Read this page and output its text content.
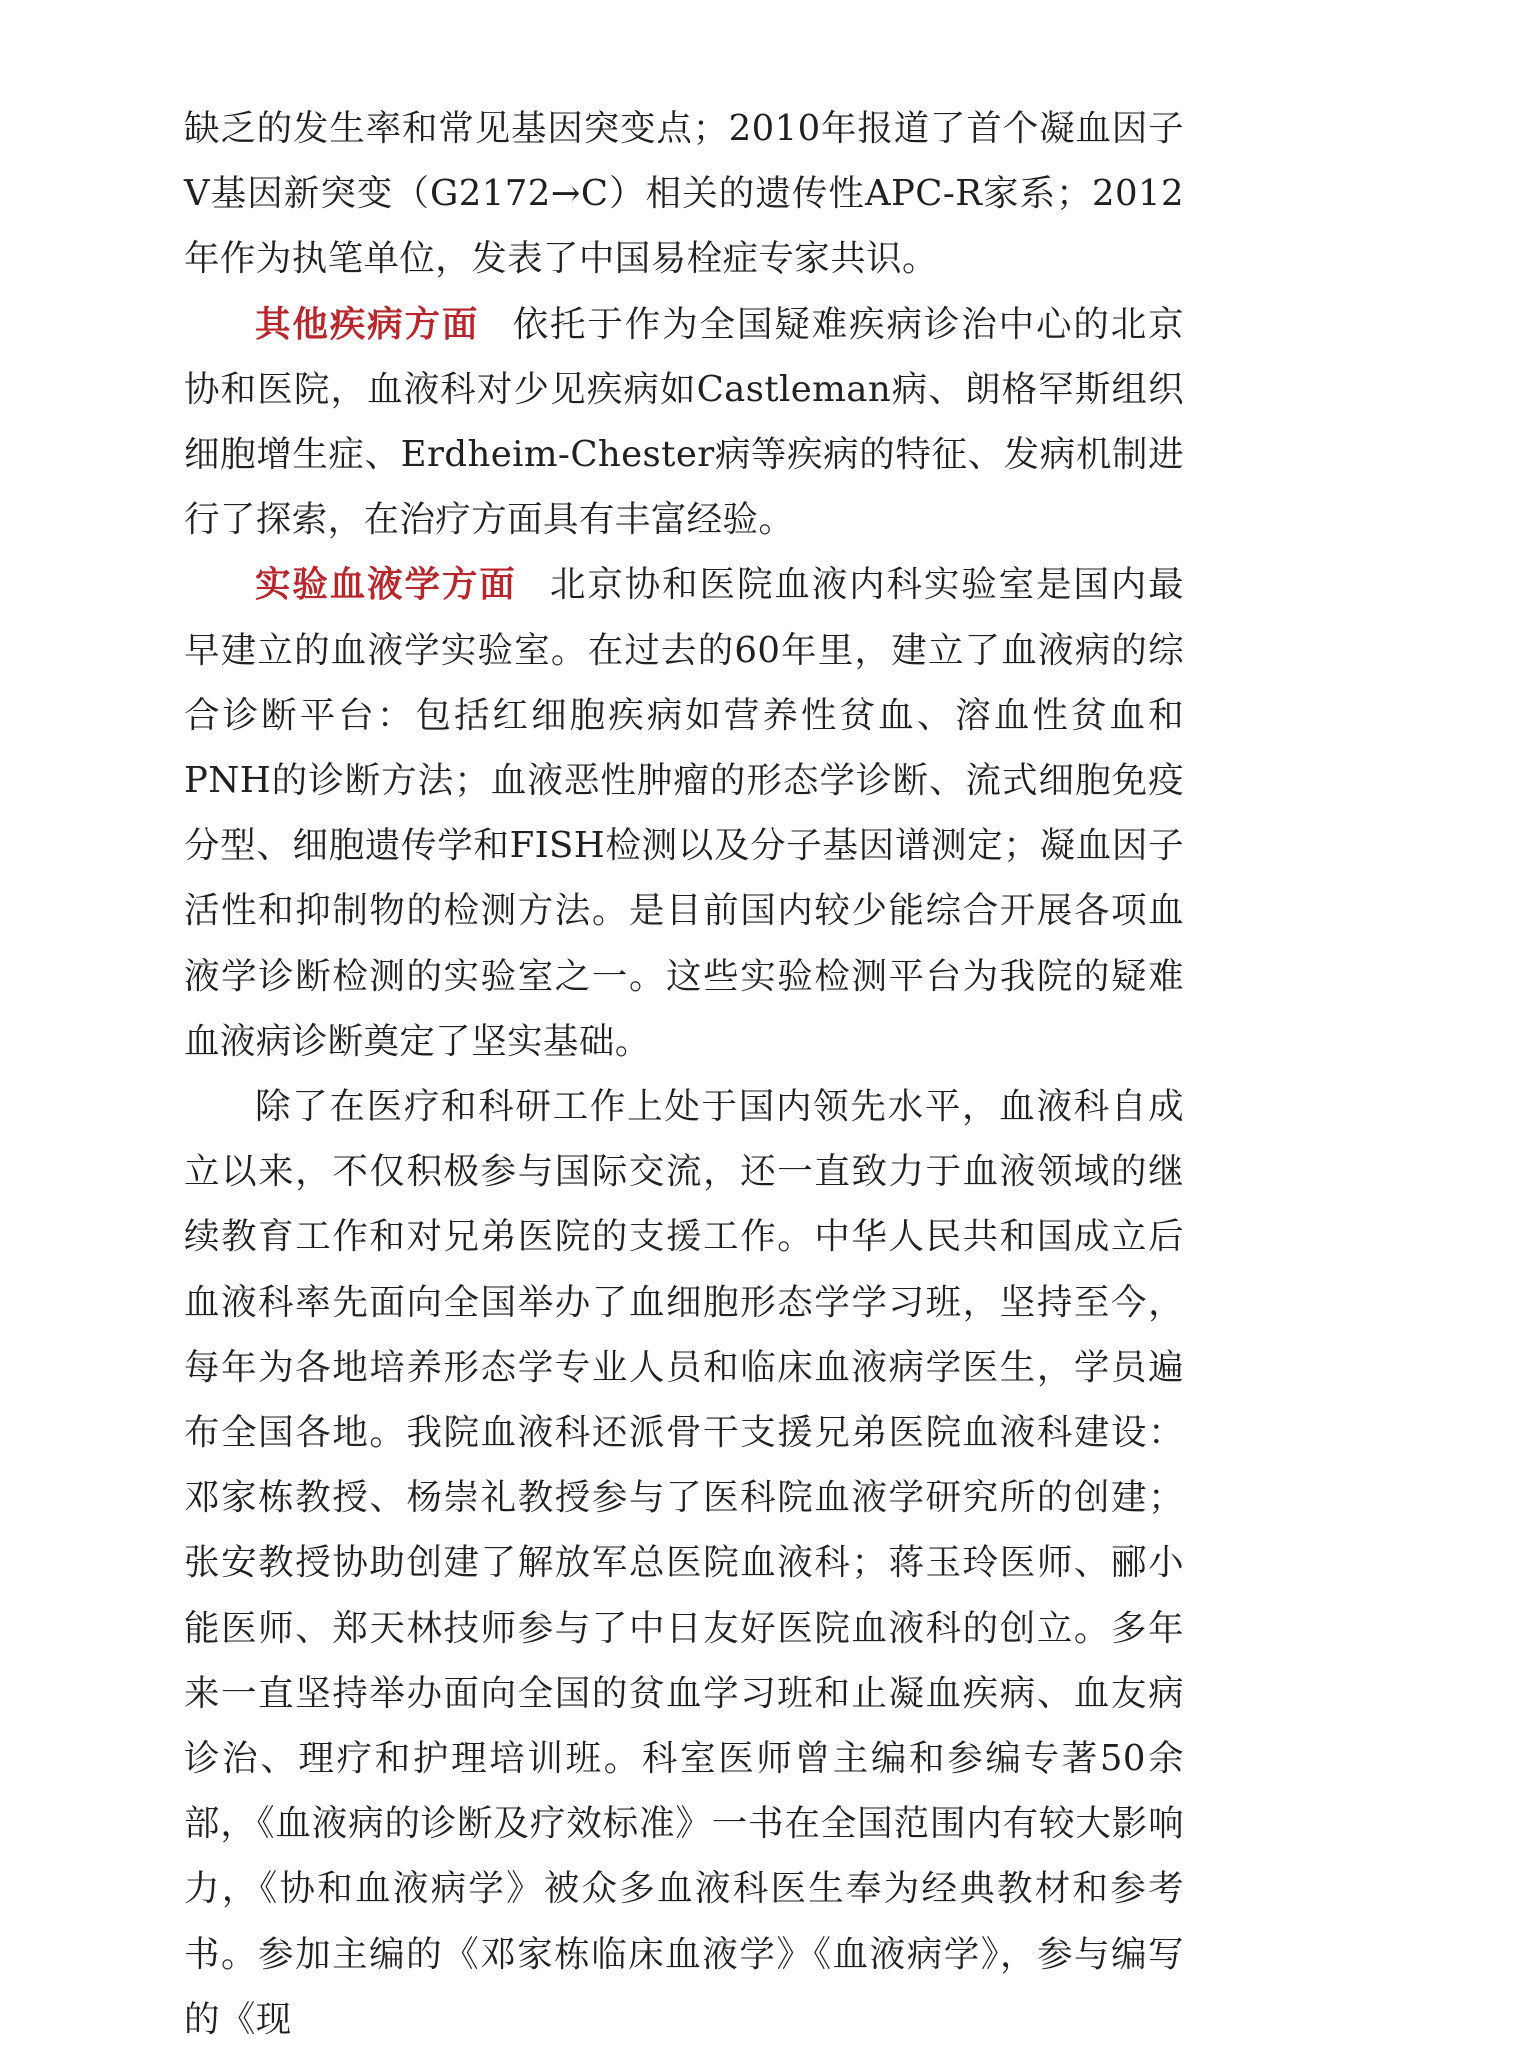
缺乏的发生率和常见基因突变点；2010年报道了首个凝血因子V基因新突变（G2172→C）相关的遗传性APC-R家系；2012年作为执笔单位，发表了中国易栓症专家共识。

其他疾病方面 依托于作为全国疑难疾病诊治中心的北京协和医院，血液科对少见疾病如Castleman病、朗格罕斯组织细胞增生症、Erdheim-Chester病等疾病的特征、发病机制进行了探索，在治疗方面具有丰富经验。

实验血液学方面 北京协和医院血液内科实验室是国内最早建立的血液学实验室。在过去的60年里，建立了血液病的综合诊断平台：包括红细胞疾病如营养性贫血、溶血性贫血和PNH的诊断方法；血液恶性肿瘤的形态学诊断、流式细胞免疫分型、细胞遗传学和FISH检测以及分子基因谱测定；凝血因子活性和抑制物的检测方法。是目前国内较少能综合开展各项血液学诊断检测的实验室之一。这些实验检测平台为我院的疑难血液病诊断奠定了坚实基础。

除了在医疗和科研工作上处于国内领先水平，血液科自成立以来，不仅积极参与国际交流，还一直致力于血液领域的继续教育工作和对兄弟医院的支援工作。中华人民共和国成立后血液科率先面向全国举办了血细胞形态学学习班，坚持至今，每年为各地培养形态学专业人员和临床血液病学医生，学员遍布全国各地。我院血液科还派骨干支援兄弟医院血液科建设：邓家栋教授、杨崇礼教授参与了医科院血液学研究所的创建；张安教授协助创建了解放军总医院血液科；蒋玉玲医师、郦小能医师、郑天林技师参与了中日友好医院血液科的创立。多年来一直坚持举办面向全国的贫血学习班和止凝血疾病、血友病诊治、理疗和护理培训班。科室医师曾主编和参编专著50余部，《血液病的诊断及疗效标准》一书在全国范围内有较大影响力，《协和血液病学》被众多血液科医生奉为经典教材和参考书。参加主编的《邓家栋临床血液学》《血液病学》，参与编写的《现
